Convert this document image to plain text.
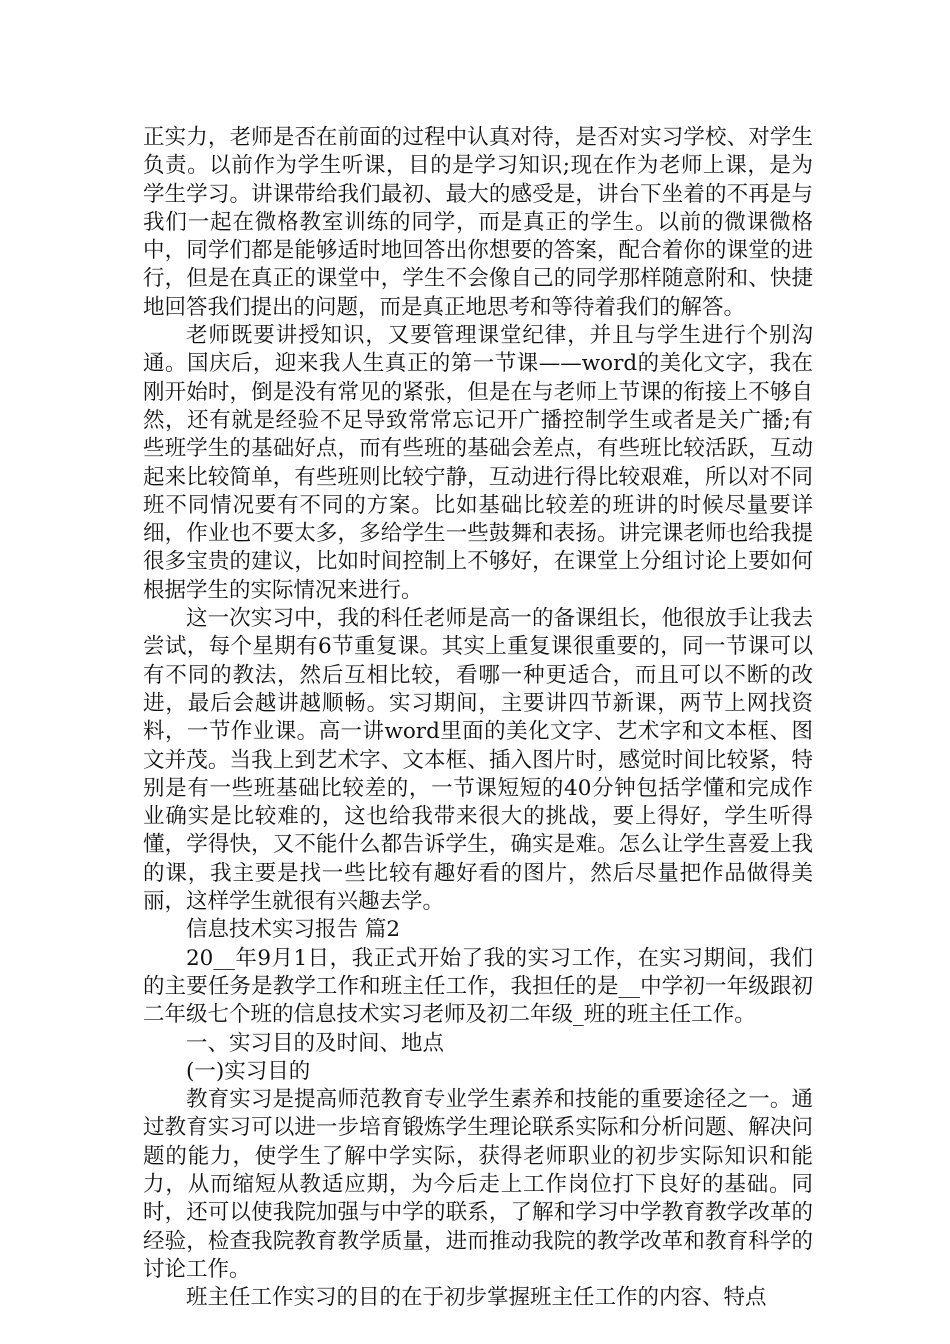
正实力，老师是否在前面的过程中认真对待，是否对实习学校、对学生负责。以前作为学生听课，目的是学习知识;现在作为老师上课，是为学生学习。讲课带给我们最初、最大的感受是，讲台下坐着的不再是与我们一起在微格教室训练的同学，而是真正的学生。以前的微课微格中，同学们都是能够适时地回答出你想要的答案，配合着你的课堂的进行，但是在真正的课堂中，学生不会像自己的同学那样随意附和、快捷地回答我们提出的问题，而是真正地思考和等待着我们的解答。

老师既要讲授知识，又要管理课堂纪律，并且与学生进行个别沟通。国庆后，迎来我人生真正的第一节课——word的美化文字，我在刚开始时，倒是没有常见的紧张，但是在与老师上节课的衔接上不够自然，还有就是经验不足导致常常忘记开广播控制学生或者是关广播;有些班学生的基础好点，而有些班的基础会差点，有些班比较活跃，互动起来比较简单，有些班则比较宁静，互动进行得比较艰难，所以对不同班不同情况要有不同的方案。比如基础比较差的班讲的时候尽量要详细，作业也不要太多，多给学生一些鼓舞和表扬。讲完课老师也给我提很多宝贵的建议，比如时间控制上不够好，在课堂上分组讨论上要如何根据学生的实际情况来进行。

这一次实习中，我的科任老师是高一的备课组长，他很放手让我去尝试，每个星期有6节重复课。其实上重复课很重要的，同一节课可以有不同的教法，然后互相比较，看哪一种更适合，而且可以不断的改进，最后会越讲越顺畅。实习期间，主要讲四节新课，两节上网找资料，一节作业课。高一讲word里面的美化文字、艺术字和文本框、图文并茂。当我上到艺术字、文本框、插入图片时，感觉时间比较紧，特别是有一些班基础比较差的，一节课短短的40分钟包括学懂和完成作业确实是比较难的，这也给我带来很大的挑战，要上得好，学生听得懂，学得快，又不能什么都告诉学生，确实是难。怎么让学生喜爱上我的课，我主要是找一些比较有趣好看的图片，然后尽量把作品做得美丽，这样学生就很有兴趣去学。

信息技术实习报告 篇2

20__年9月1日，我正式开始了我的实习工作，在实习期间，我们的主要任务是教学工作和班主任工作，我担任的是__中学初一年级跟初二年级七个班的信息技术实习老师及初二年级_班的班主任工作。

一、实习目的及时间、地点

(一)实习目的

教育实习是提高师范教育专业学生素养和技能的重要途径之一。通过教育实习可以进一步培育锻炼学生理论联系实际和分析问题、解决问题的能力，使学生了解中学实际，获得老师职业的初步实际知识和能力，从而缩短从教适应期，为今后走上工作岗位打下良好的基础。同时，还可以使我院加强与中学的联系，了解和学习中学教育教学改革的经验，检查我院教育教学质量，进而推动我院的教学改革和教育科学的讨论工作。

班主任工作实习的目的在于初步掌握班主任工作的内容、特点
